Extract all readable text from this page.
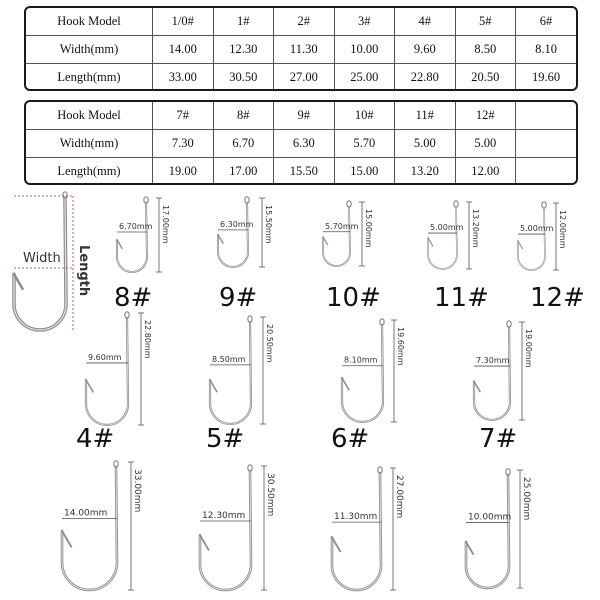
Hook Model	1/0#	1#	2#	3#	4#	5#	6#
Width(mm)	14.00	12.30	11.30	10.00	9.60	8.50	8.10
Length(mm)	33.00	30.50	27.00	25.00	22.80	20.50	19.60
Hook Model	7#	8#	9#	10#	11#	12#	
Width(mm)	7.30	6.70	6.30	5.70	5.00	5.00	
Length(mm)	19.00	17.00	15.50	15.00	13.20	12.00	
Width Length
6.70mm 17.00mm
8#
6.30mm 15.50mm
9#
5.70mm 15.00mm
10#
5.00mm 13.20mm
11#
5.00mm 12.00mm
12#
9.60mm	22.80mm
4#
8.50mm 20.50mm
5#
8.10mm 19.60mm
6#
7.30mm 19.00mm
7#
14.00mm
33.00mm
12.30mm 30.50mm
11.30mm 27.00mm	10.00mm 25.00mm
